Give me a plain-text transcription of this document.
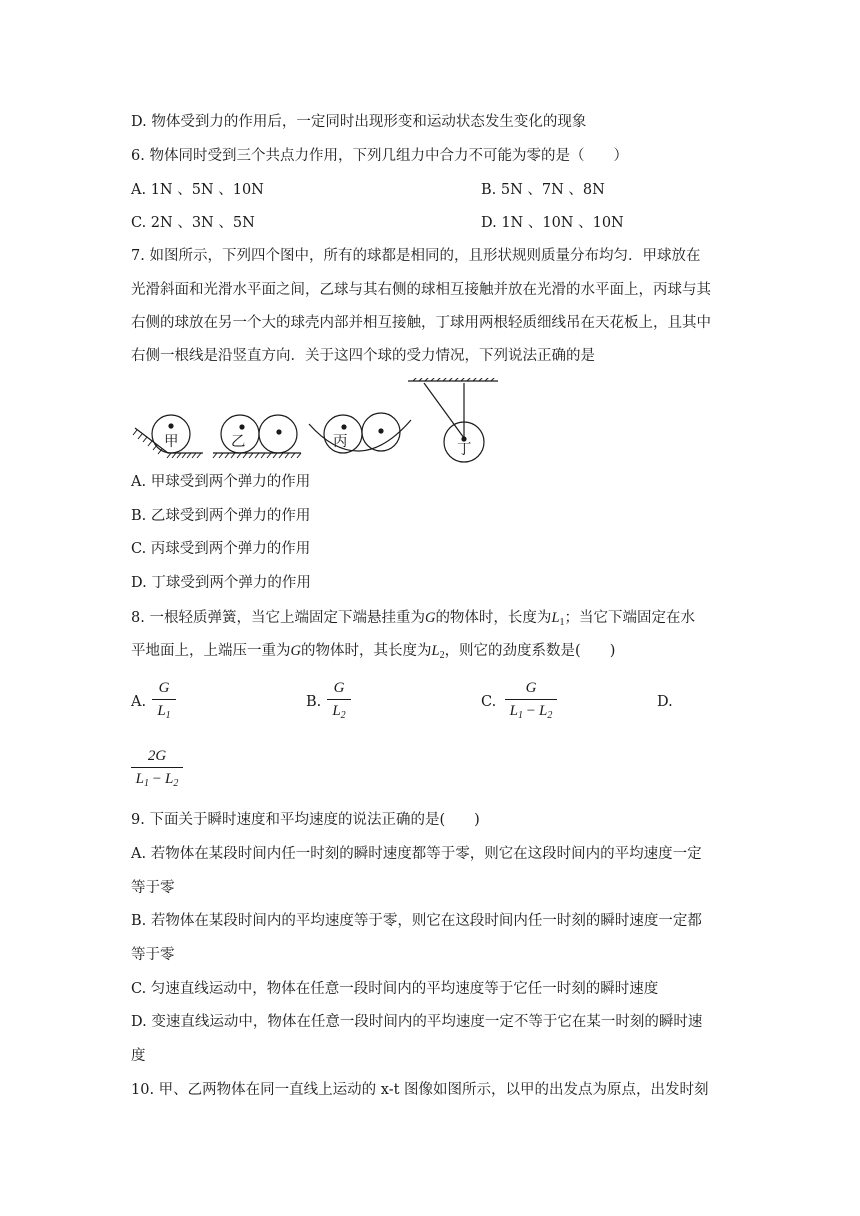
D. 物体受到力的作用后，一定同时出现形变和运动状态发生变化的现象
6. 物体同时受到三个共点力作用，下列几组力中合力不可能为零的是（　　）
A. 1N 、5N 、10N	B. 5N 、7N 、8N
C. 2N 、3N 、5N	D. 1N 、10N 、10N
7. 如图所示，下列四个图中，所有的球都是相同的，且形状规则质量分布均匀．甲球放在
光滑斜面和光滑水平面之间，乙球与其右侧的球相互接触并放在光滑的水平面上，丙球与其
右侧的球放在另一个大的球壳内部并相互接触，丁球用两根轻质细线吊在天花板上，且其中
右侧一根线是沿竖直方向．关于这四个球的受力情况，下列说法正确的是
甲	乙	丙	丁
A. 甲球受到两个弹力的作用
B. 乙球受到两个弹力的作用
C. 丙球受到两个弹力的作用
D. 丁球受到两个弹力的作用
8. 一根轻质弹簧，当它上端固定下端悬挂重为G的物体时，长度为$L_1$；当它下端固定在水
平地面上，上端压一重为G的物体时，其长度为$L_2$，则它的劲度系数是(　　)
A.
G
$L_1$
B.
G
$L_2$
C.
G
$L_1 - L_2$
D.
2G
$L_1 - L_2$
9. 下面关于瞬时速度和平均速度的说法正确的是(　　)
A. 若物体在某段时间内任一时刻的瞬时速度都等于零，则它在这段时间内的平均速度一定
等于零
B. 若物体在某段时间内的平均速度等于零，则它在这段时间内任一时刻的瞬时速度一定都
等于零
C. 匀速直线运动中，物体在任意一段时间内的平均速度等于它任一时刻的瞬时速度
D. 变速直线运动中，物体在任意一段时间内的平均速度一定不等于它在某一时刻的瞬时速
度
10. 甲、乙两物体在同一直线上运动的 x-t 图像如图所示，以甲的出发点为原点，出发时刻
